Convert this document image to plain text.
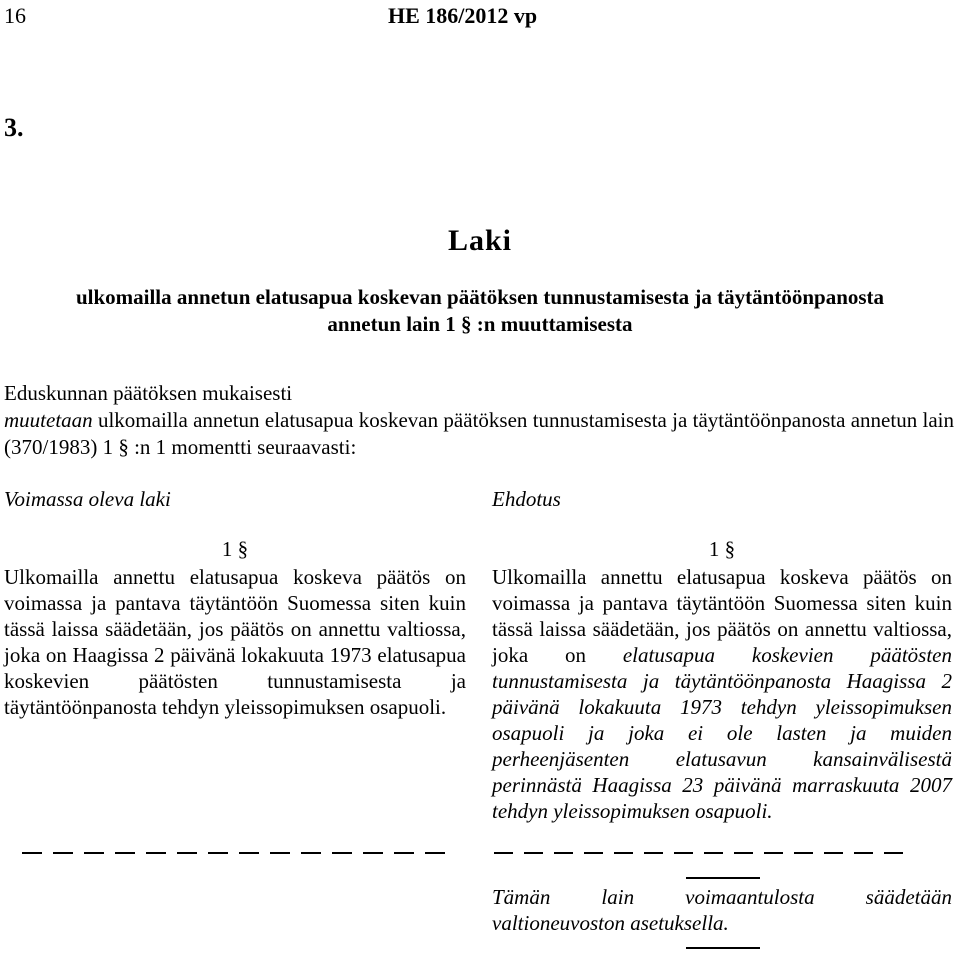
16	HE 186/2012 vp
3.
Laki
ulkomailla annetun elatusapua koskevan päätöksen tunnustamisesta ja täytäntöönpanosta
annetun lain 1 § :n muuttamisesta

Eduskunnan päätöksen mukaisesti

muutetaan ulkomailla annetun elatusapua koskevan päätöksen tunnustamisesta ja täytäntöönpanosta annetun lain (370/1983) 1 § :n 1 momentti seuraavasti:

Voimassa oleva laki	Ehdotus

1 §

Ulkomailla annettu elatusapua koskeva päätös on voimassa ja pantava täytäntöön Suomessa siten kuin tässä laissa säädetään, jos päätös on annettu valtiossa, joka on Haagissa 2 päivänä lokakuuta 1973 elatusapua koskevien päätösten tunnustamisesta ja täytäntöönpanosta tehdyn yleissopimuksen osapuoli.

1 §

Ulkomailla annettu elatusapua koskeva päätös on voimassa ja pantava täytäntöön Suomessa siten kuin tässä laissa säädetään, jos päätös on annettu valtiossa, joka on elatusapua koskevien päätösten tunnustamisesta ja täytäntöönpanosta Haagissa 2 päivänä lokakuuta 1973 tehdyn yleissopimuksen osapuoli ja joka ei ole lasten ja muiden perheenjäsenten elatusavun kansainvälisestä perinnästä Haagissa 23 päivänä marraskuuta 2007 tehdyn yleissopimuksen osapuoli.

Tämän lain voimaantulosta säädetään valtioneuvoston asetuksella.
